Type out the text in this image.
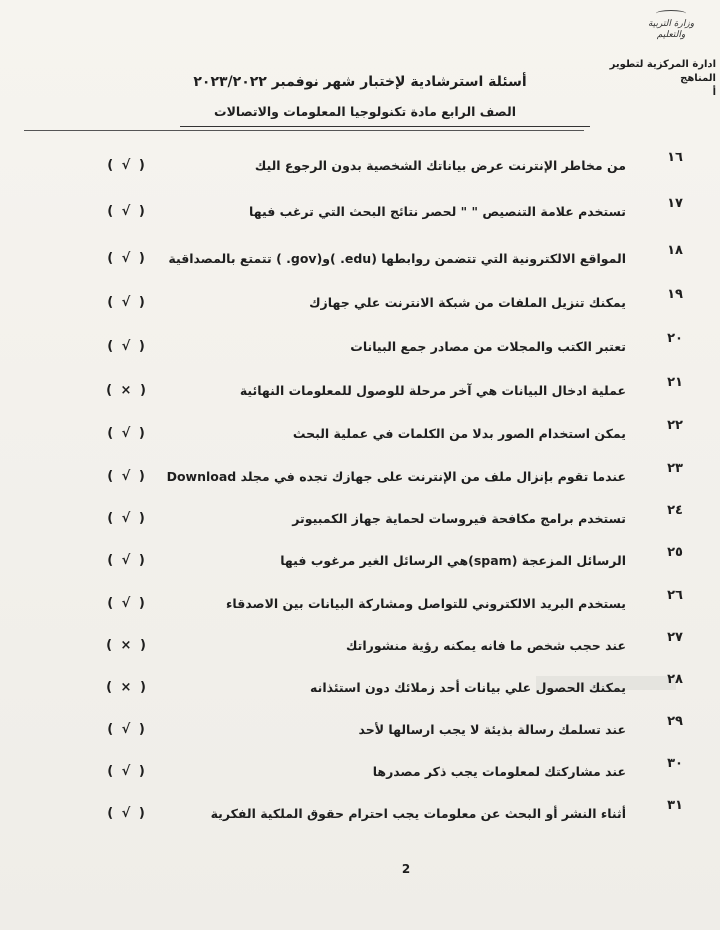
وزارة التربية والتعليم
ادارة المركزية لتطوير المناهج
أ
أسئلة استرشادية لإختبار شهر نوفمبر ٢٠٢٣/٢٠٢٢
الصف الرابع مادة تكنولوجيا المعلومات والاتصالات
١٦
من مخاطر الإنترنت عرض بياناتك الشخصية بدون الرجوع اليك
( √ )
١٧
تستخدم علامة التنصيص " " لحصر نتائج البحث التي ترغب فيها
( √ )
١٨
المواقع الالكترونية التي تتضمن روابطها (edu. )و(gov. ) تتمتع بالمصداقية
( √ )
١٩
يمكنك تنزيل الملفات من شبكة الانترنت علي جهازك
( √ )
٢٠
تعتبر الكتب والمجلات من مصادر جمع البيانات
( √ )
٢١
عملية ادخال البيانات هي آخر مرحلة للوصول للمعلومات النهائية
( × )
٢٢
يمكن استخدام الصور بدلا من الكلمات في عملية البحث
( √ )
٢٣
عندما تقوم بإنزال ملف من الإنترنت على جهازك تجده في مجلد Download
( √ )
٢٤
تستخدم برامج مكافحة فيروسات لحماية جهاز الكمبيوتر
( √ )
٢٥
الرسائل المزعجة (spam)هي الرسائل الغير مرغوب فيها
( √ )
٢٦
يستخدم البريد الالكتروني للتواصل ومشاركة البيانات بين الاصدقاء
( √ )
٢٧
عند حجب شخص ما فانه يمكنه رؤية منشوراتك
( × )
٢٨
يمكنك الحصول علي بيانات أحد زملائك دون استئذانه
( × )
٢٩
عند تسلمك رسالة بذيئة لا يجب ارسالها لأحد
( √ )
٣٠
عند مشاركتك لمعلومات يجب ذكر مصدرها
( √ )
٣١
أثناء النشر أو البحث عن معلومات يجب احترام حقوق الملكية الفكرية
( √ )
2
